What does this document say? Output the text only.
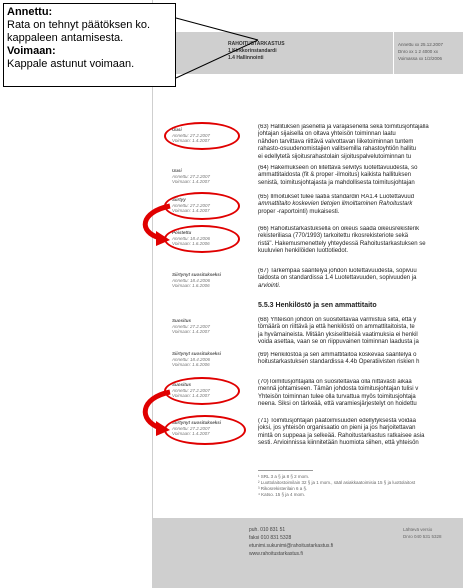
RAHOITUSTARKASTUS
1 Kirkkorinstandardi
1.4 Hallinnointi
Annettu xx 25.12.2007
Dnro xx 1 2 4000 xx
Voimassa xx 1/2/2006
puh. 010 831 51
faksi 010 831 5328
etunimi.sukunimi@rahoitustarkastus.fi
www.rahoitustarkastus.fi
Lähtevä versio
Dnro 040 531 5328
Uusi
Annettu: 27.2.2007
Voimaan: 1.4.2007
Uusi
Annettu: 27.2.2007
Voimaan: 1.4.2007
Siirtyy
Annettu: 27.2.2007
Voimaan: 1.4.2007
Poistettu
Annettu: 18.4.2006
Voimaan: 1.6.2006
Siirtynyt suositukseksi
Annettu: 18.4.2006
Voimaan: 1.6.2006
Suositus
Annettu: 27.2.2007
Voimaan: 1.4.2007
Siirtynyt suositukseksi
Annettu: 18.4.2006
Voimaan: 1.6.2006
Suositus
Annettu: 27.2.2007
Voimaan: 1.4.2007
Siirtynyt suositukseksi
Annettu: 27.2.2007
Voimaan: 1.4.2007
(63) Hallituksen jäsenellä ja varajäsenellä sekä toimitusjohtajalla
johtajan sijaisella on oltava yhteisön toiminnan laatu
nähden tarvittava riittävä valvottavan liiketoiminnan tuntem
rahasto-osuudenomistajien valitsemilla rahastoyhtiön hallitu
ei edellytetä sijoitusrahastolain sijoituspalvelutoiminnan tu
(64) Hakemukseen on liitettävä selvitys luotettavuudesta, so
ammattitaidosta (fit & proper -ilmoitus) kaikista hallituksen
senistä, toimitusjohtajasta ja mahdollisesta toimitusjohtajan
(65) Ilmoitukset tulee laatia standardin RA1.4 Luotettavuud
ammattitaito koskevien tietojen ilmoittaminen Rahoitustark
proper -raportointi) mukaisesti.
(66) Rahoitustarkastuksella on oikeus saada oikeusrekisterik
rekisteriliasa (770/1993) tarkoitettu rikosrekisteriote sekä
ristä". Hakemusmenettely yhteydessä Rahoitustarkastuksen se
kuuluvien henkilöiden luottotiedot.
(67) Tarkempaa sääntelyä johdon luotettavuudesta, sopivuu
taidosta on standardissa 1.4 Luotettavuuden, sopivuuden ja
arviointi.
5.5.3 Henkilöstö ja sen ammattitaito
(68) Yhteisön johdon on suositeltavaa varmistua siitä, että y
tömäärä on riittävä ja että henkilöstö on ammattitaitoista, te
ja hyvämaineista. Mitään yksiselitteisiä vaatimuksia ei henkil
voida asettaa, vaan se on riippuvainen toiminnan laadusta ja
(69) Henkilöstöä ja sen ammattitaitoa koskevaa sääntelyä o
hoitustarkastuksen standardissa 4.4b Operatiivisten riskien h
(70)Toimitusjohtajalla on suositeltavaa olla riittävästi aikaa
mennä johtamiseen. Tämän johdosta toimitusjohtajan tulisi v
Yhteisön toiminnan tulee olla turvattua myös toimitusjohtaja
neena. Siksi on tärkeää, että varamiesjärjestelyt on hoidettu
(71) Toimitusjohtajan päätoimisuuden edellytyksestä voidaa
joksi, jos yhteisön organisaatio on pieni ja jos harjoitettavan
mintä on suppeaa ja selkeää. Rahoitustarkastus ratkaisee asia
sesti. Arvioinnissa kiinnitetään huomiota siihen, että yhteisön
¹ SRL 3 a § ja 8 § 2 mom.
² Luottolaitostoimilain 32 § ja 1 mom., sääl asiakkaatoimisia 15 § ja luottolaitost
³ Rikosrekisterilain 6 a §.
⁴ Katso. 15 § ja 4 mom.
Annettu:
Rata on tehnyt päätöksen ko.
kappaleen antamisesta.
Voimaan:
Kappale astunut voimaan.
